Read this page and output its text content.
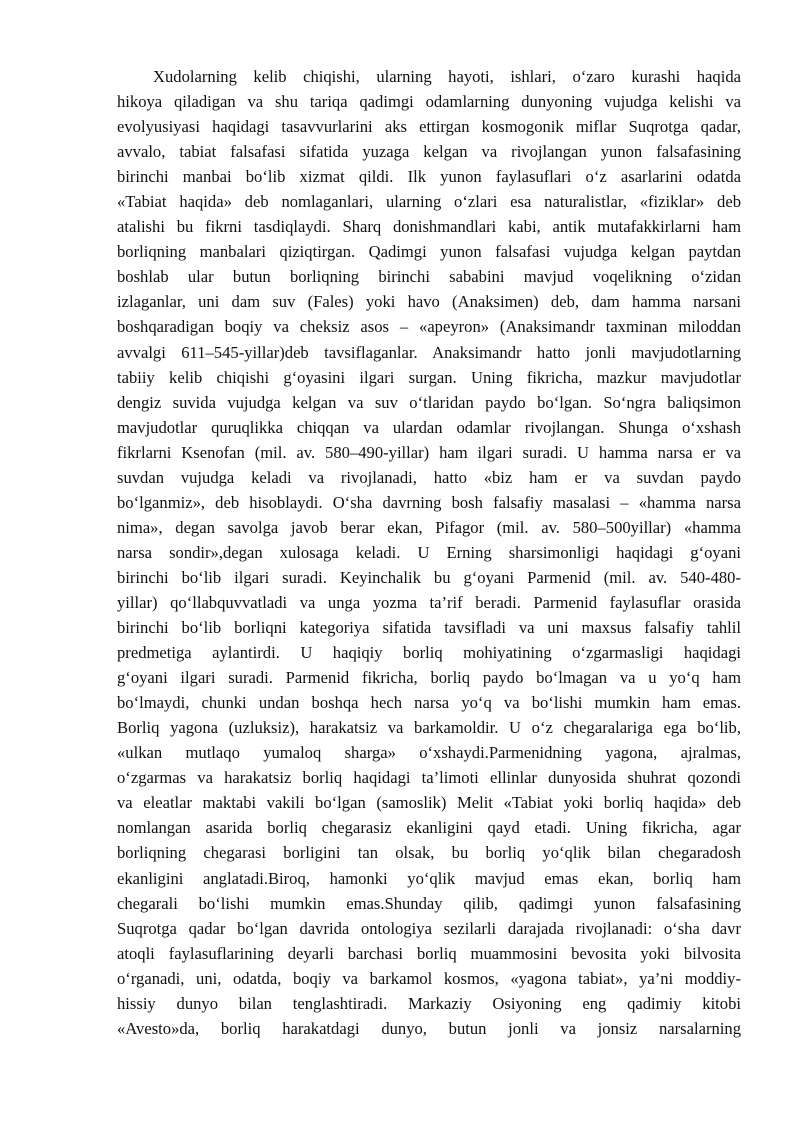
Xudolarning kelib chiqishi, ularning hayoti, ishlari, o‘zaro kurashi haqida
hikoya qiladigan va shu tariqa qadimgi odamlarning dunyoning vujudga kelishi va
evolyusiyasi haqidagi tasavvurlarini aks ettirgan kosmogonik miflar Suqrotga qadar,
avvalo, tabiat falsafasi sifatida yuzaga kelgan va rivojlangan yunon falsafasining
birinchi manbai bo‘lib xizmat qildi. Ilk yunon faylasuflari o‘z asarlarini odatda
«Tabiat haqida» deb nomlaganlari, ularning o‘zlari esa naturalistlar, «fiziklar» deb
atalishi bu fikrni tasdiqlaydi. Sharq donishmandlari kabi, antik mutafakkirlarni ham
borliqning manbalari qiziqtirgan. Qadimgi yunon falsafasi vujudga kelgan paytdan
boshlab ular butun borliqning birinchi sababini mavjud voqelikning o‘zidan
izlaganlar, uni dam suv (Fales) yoki havo (Anaksimen) deb, dam hamma narsani
boshqaradigan boqiy va cheksiz asos – «apeyron» (Anaksimandr taxminan miloddan
avvalgi 611–545-yillar)deb tavsiflaganlar. Anaksimandr hatto jonli mavjudotlarning
tabiiy kelib chiqishi g‘oyasini ilgari surgan. Uning fikricha, mazkur mavjudotlar
dengiz suvida vujudga kelgan va suv o‘tlaridan paydo bo‘lgan. So‘ngra baliqsimon
mavjudotlar quruqlikka chiqqan va ulardan odamlar rivojlangan. Shunga o‘xshash
fikrlarni Ksenofan (mil. av. 580–490-yillar) ham ilgari suradi. U hamma narsa er va
suvdan vujudga keladi va rivojlanadi, hatto «biz ham er va suvdan paydo
bo‘lganmiz», deb hisoblaydi. O‘sha davrning bosh falsafiy masalasi – «hamma narsa
nima», degan savolga javob berar ekan, Pifagor (mil. av. 580–500yillar) «hamma
narsa sondir»,degan xulosaga keladi. U Erning sharsimonligi haqidagi g‘oyani
birinchi bo‘lib ilgari suradi. Keyinchalik bu g‘oyani Parmenid (mil. av. 540-480-
yillar) qo‘llabquvvatladi va unga yozma ta’rif beradi. Parmenid faylasuflar orasida
birinchi bo‘lib borliqni kategoriya sifatida tavsifladi va uni maxsus falsafiy tahlil
predmetiga aylantirdi. U haqiqiy borliq mohiyatining o‘zgarmasligi haqidagi
g‘oyani ilgari suradi. Parmenid fikricha, borliq paydo bo‘lmagan va u yo‘q ham
bo‘lmaydi, chunki undan boshqa hech narsa yo‘q va bo‘lishi mumkin ham emas.
Borliq yagona (uzluksiz), harakatsiz va barkamoldir. U o‘z chegaralariga ega bo‘lib,
«ulkan mutlaqo yumaloq sharga» o‘xshaydi.Parmenidning yagona, ajralmas,
o‘zgarmas va harakatsiz borliq haqidagi ta’limoti ellinlar dunyosida shuhrat qozondi
va eleatlar maktabi vakili bo‘lgan (samoslik) Melit «Tabiat yoki borliq haqida» deb
nomlangan asarida borliq chegarasiz ekanligini qayd etadi. Uning fikricha, agar
borliqning chegarasi borligini tan olsak, bu borliq yo‘qlik bilan chegaradosh
ekanligini anglatadi.Biroq, hamonki yo‘qlik mavjud emas ekan, borliq ham
chegarali bo‘lishi mumkin emas.Shunday qilib, qadimgi yunon falsafasining
Suqrotga qadar bo‘lgan davrida ontologiya sezilarli darajada rivojlanadi: o‘sha davr
atoqli faylasuflarining deyarli barchasi borliq muammosini bevosita yoki bilvosita
o‘rganadi, uni, odatda, boqiy va barkamol kosmos, «yagona tabiat», ya’ni moddiy-
hissiy dunyo bilan tenglashtiradi. Markaziy Osiyoning eng qadimiy kitobi
«Avesto»da, borliq harakatdagi dunyo, butun jonli va jonsiz narsalarning
